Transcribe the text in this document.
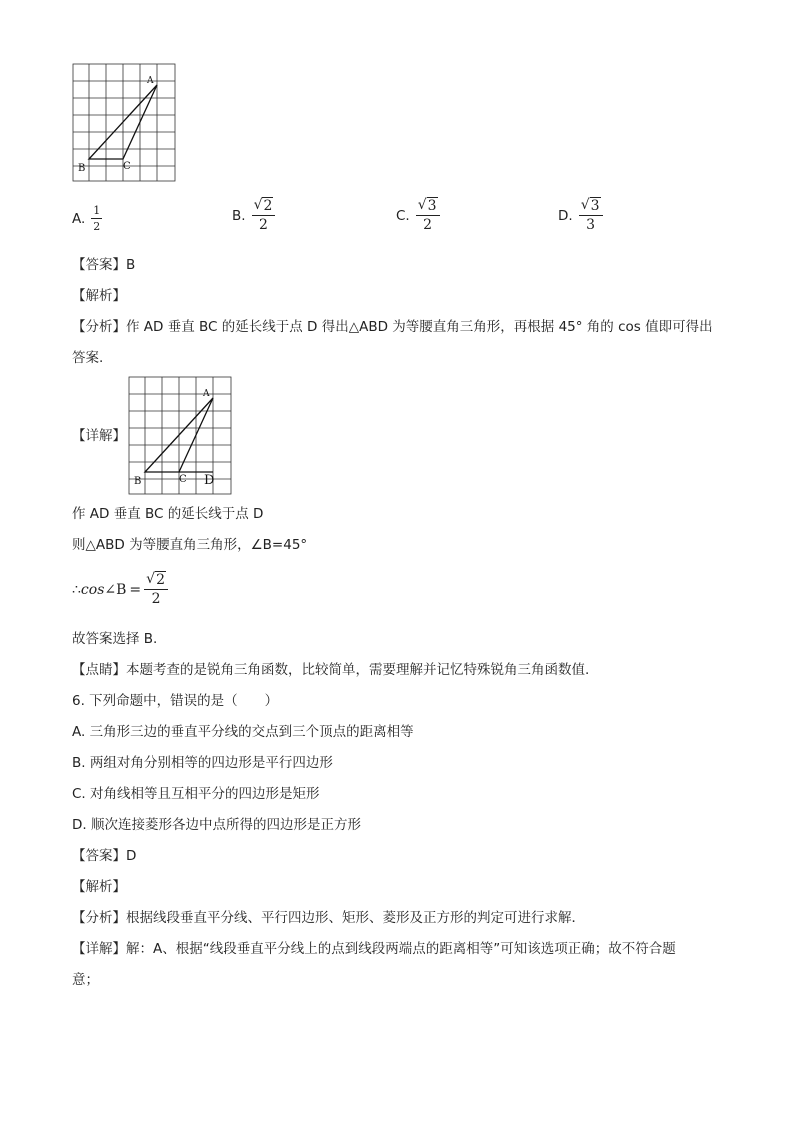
A
B	C
A. $\frac{1}{2}$	B. $\frac{√ 2}{2}$	C. $\frac{√ 3}{2}$	D. $\frac{√ 3}{3}$
【答案】B
【解析】
【分析】作 AD 垂直 BC 的延长线于点 D 得出△ABD 为等腰直角三角形，再根据 45° 角的 cos 值即可得出
答案.
【详解】
A
B	C D
作 AD 垂直 BC 的延长线于点 D
则△ABD 为等腰直角三角形，∠B=45°
∴ cos ∠B = $\frac{√ 2}{2}$
故答案选择 B.
【点睛】本题考查的是锐角三角函数，比较简单，需要理解并记忆特殊锐角三角函数值.
6. 下列命题中，错误的是（　　）
A. 三角形三边的垂直平分线的交点到三个顶点的距离相等
B. 两组对角分别相等的四边形是平行四边形
C. 对角线相等且互相平分的四边形是矩形
D. 顺次连接菱形各边中点所得的四边形是正方形
【答案】D
【解析】
【分析】根据线段垂直平分线、平行四边形、矩形、菱形及正方形的判定可进行求解．
【详解】解：A、根据“线段垂直平分线上的点到线段两端点的距离相等”可知该选项正确；故不符合题
意；
